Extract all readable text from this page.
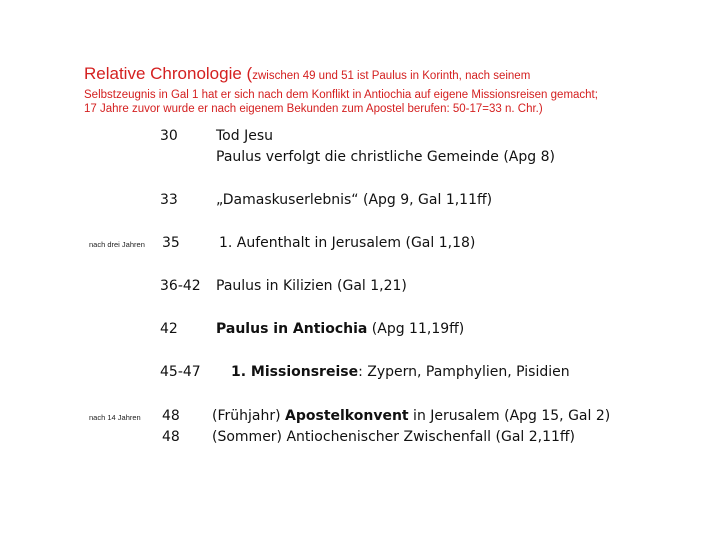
Relative Chronologie (zwischen 49 und 51 ist Paulus in Korinth, nach seinem
Selbstzeugnis in Gal 1 hat er sich nach dem Konflikt in Antiochia auf eigene Missionsreisen gemacht;
17 Jahre zuvor wurde er nach eigenem Bekunden zum Apostel berufen: 50-17=33 n. Chr.)
30	Tod Jesu
Paulus verfolgt die christliche Gemeinde (Apg 8)
33	„Damaskuserlebnis“ (Apg 9, Gal 1,11ff)
nach drei Jahren 35	1. Aufenthalt in Jerusalem (Gal 1,18)
36-42 Paulus in Kilizien (Gal 1,21)
42	Paulus in Antiochia (Apg 11,19ff)
45-47 1. Missionsreise: Zypern, Pamphylien, Pisidien
nach 14 Jahren 48 (Frühjahr) Apostelkonvent in Jerusalem (Apg 15, Gal 2)
48 (Sommer) Antiochenischer Zwischenfall (Gal 2,11ff)
